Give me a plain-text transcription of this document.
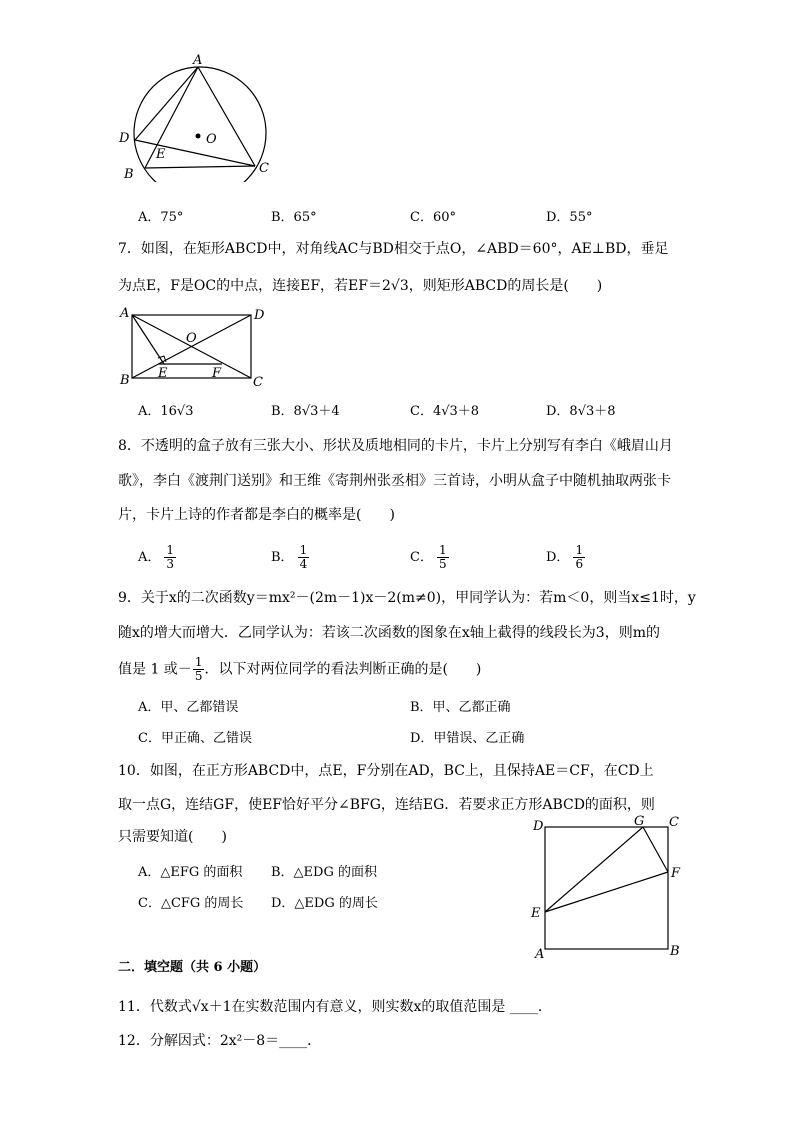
A
D
E
O
B	C
A．75°	B．65°	C．60°	D．55°
7．如图，在矩形ABCD中，对角线AC与BD相交于点O，∠ABD＝60°，AE⊥BD，垂足
为点E，F是OC的中点，连接EF，若EF＝2√3，则矩形ABCD的周长是(　　)
A	D
O
B E	F
C
A．16√3	B．8√3＋4	C．4√3＋8	D．8√3＋8
8．不透明的盒子放有三张大小、形状及质地相同的卡片，卡片上分别写有李白《峨眉山月
歌》，李白《渡荆门送别》和王维《寄荆州张丞相》三首诗，小明从盒子中随机抽取两张卡
片，卡片上诗的作者都是李白的概率是(　　)
A． $\frac{1}{3}$	B． $\frac{1}{4}$	C． $\frac{1}{5}$	D． $\frac{1}{6}$
9．关于x的二次函数y＝mx²－(2m－1)x－2(m≠0)，甲同学认为：若m＜0，则当x≤1时，y
随x的增大而增大．乙同学认为：若该二次函数的图象在x轴上截得的线段长为3，则m的
值是 1 或－ $\frac{1}{5}$ ．以下对两位同学的看法判断正确的是(　　)
A．甲、乙都错误	B．甲、乙都正确
C．甲正确、乙错误	D．甲错误、乙正确
10．如图，在正方形ABCD中，点E，F分别在AD，BC上，且保持AE＝CF，在CD上
取一点G，连结GF，使EF恰好平分∠BFG，连结EG．若要求正方形ABCD的面积，则
只需要知道(　　)
A．△EFG 的面积 B．△EDG 的面积
C．△CFG 的周长 D．△EDG 的周长
D	G C
F
E
A	B
二．填空题（共 6 小题）
11．代数式√x＋1在实数范围内有意义，则实数x的取值范围是 ____．
12．分解因式：2x²－8＝____．
